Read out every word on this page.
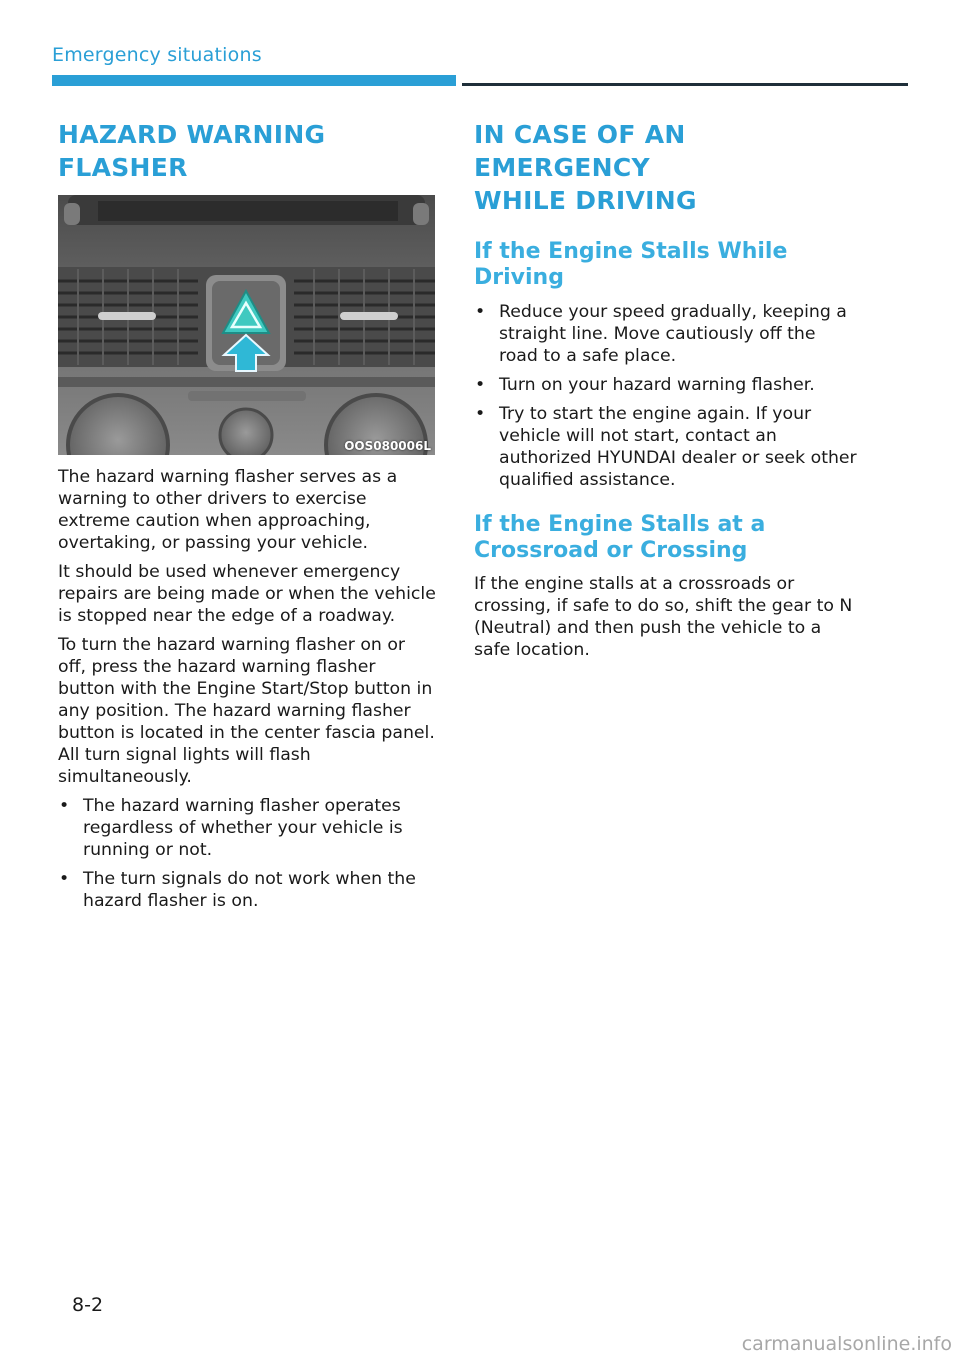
Emergency situations
HAZARD WARNING
FLASHER
OOS080006L

The hazard warning flasher serves as a warning to other drivers to exercise extreme caution when approaching, overtaking, or passing your vehicle.

It should be used whenever emergency repairs are being made or when the vehicle is stopped near the edge of a roadway.

To turn the hazard warning flasher on or off, press the hazard warning flasher button with the Engine Start/Stop button in any position. The hazard warning flasher button is located in the center fascia panel. All turn signal lights will flash simultaneously.

• The hazard warning flasher operates regardless of whether your vehicle is running or not.
• The turn signals do not work when the hazard flasher is on.
IN CASE OF AN EMERGENCY
WHILE DRIVING
If the Engine Stalls While Driving
• Reduce your speed gradually, keeping a straight line. Move cautiously off the road to a safe place.
• Turn on your hazard warning flasher.
• Try to start the engine again. If your vehicle will not start, contact an authorized HYUNDAI dealer or seek other qualified assistance.
If the Engine Stalls at a Crossroad or Crossing

If the engine stalls at a crossroads or crossing, if safe to do so, shift the gear to N (Neutral) and then push the vehicle to a safe location.

8-2
carmanualsonline.info
